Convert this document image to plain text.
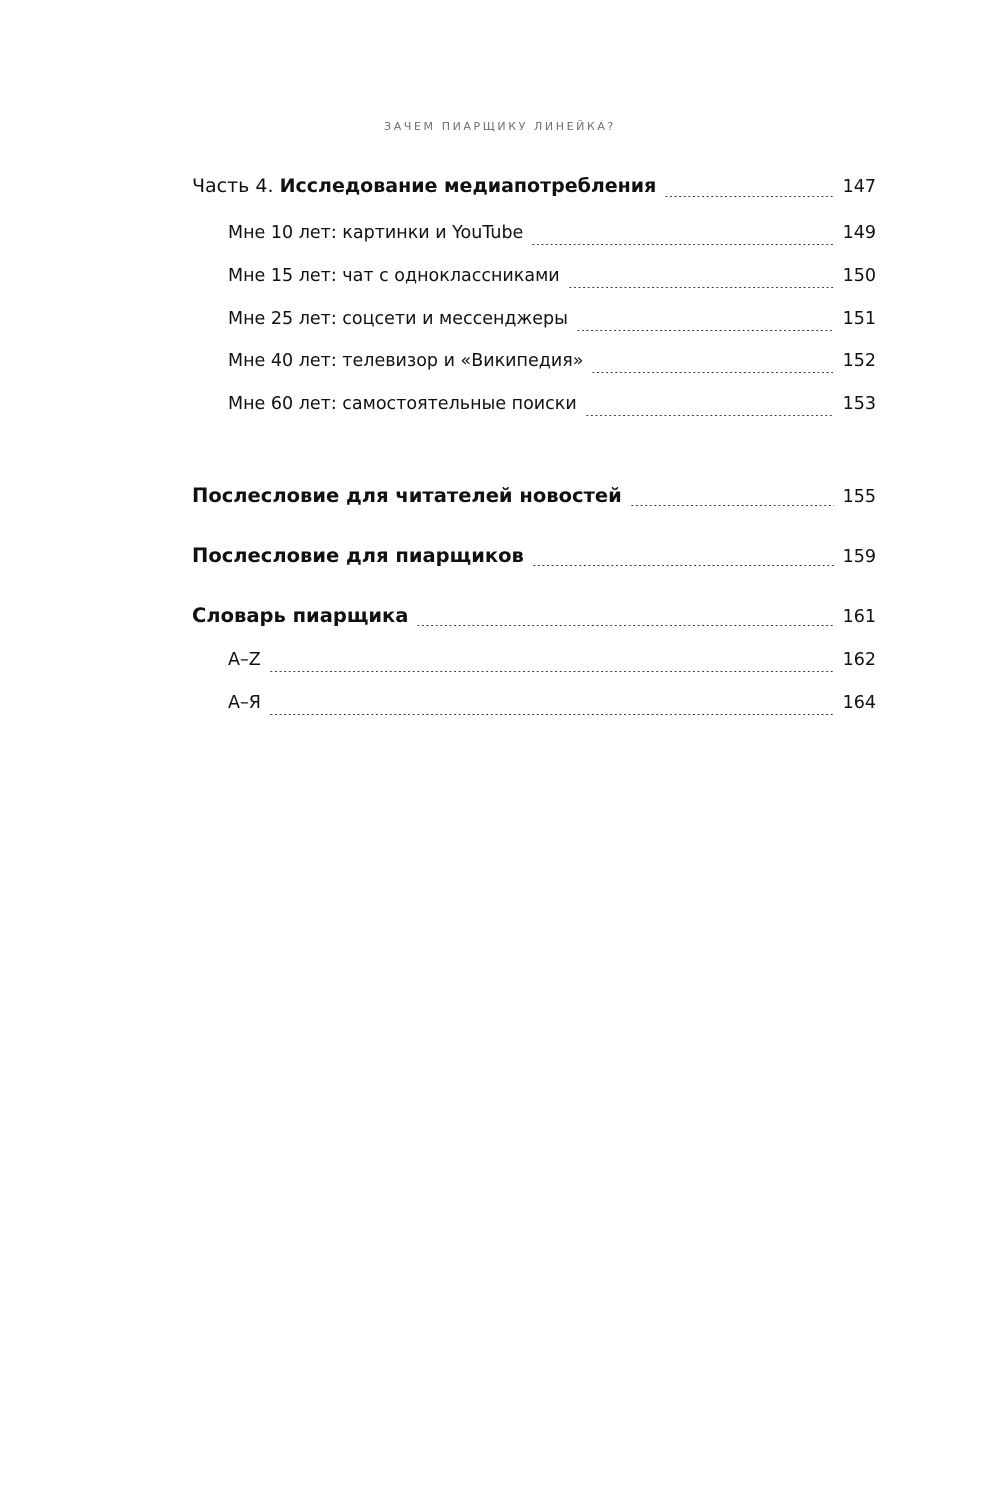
ЗАЧЕМ ПИАРЩИКУ ЛИНЕЙКА?
Часть 4. Исследование медиапотребления	147
Мне 10 лет: картинки и YouTube	149
Мне 15 лет: чат с одноклассниками	150
Мне 25 лет: соцсети и мессенджеры	151
Мне 40 лет: телевизор и «Википедия»	152
Мне 60 лет: самостоятельные поиски	153
Послесловие для читателей новостей	155
Послесловие для пиарщиков	159
Словарь пиарщика	161
A–Z	162
А–Я	164
